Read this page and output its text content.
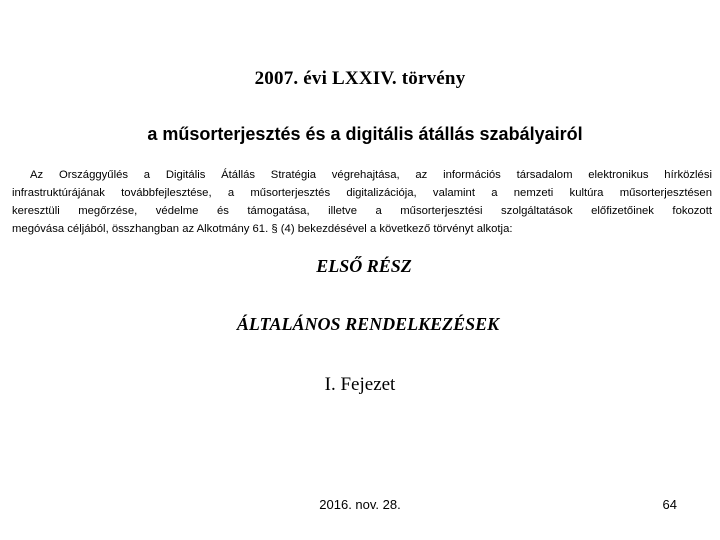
2007. évi LXXIV. törvény
a műsorterjesztés és a digitális átállás szabályairól
Az Országgyűlés a Digitális Átállás Stratégia végrehajtása, az információs társadalom elektronikus hírközlési
infrastruktúrájának továbbfejlesztése, a műsorterjesztés digitalizációja, valamint a nemzeti kultúra műsorterjesztésen
keresztüli megőrzése, védelme és támogatása, illetve a műsorterjesztési szolgáltatások előfizetőinek fokozott
megóvása céljából, összhangban az Alkotmány 61. § (4) bekezdésével a következő törvényt alkotja:
ELSŐ RÉSZ
ÁLTALÁNOS RENDELKEZÉSEK
I. Fejezet
2016. nov. 28.	64
